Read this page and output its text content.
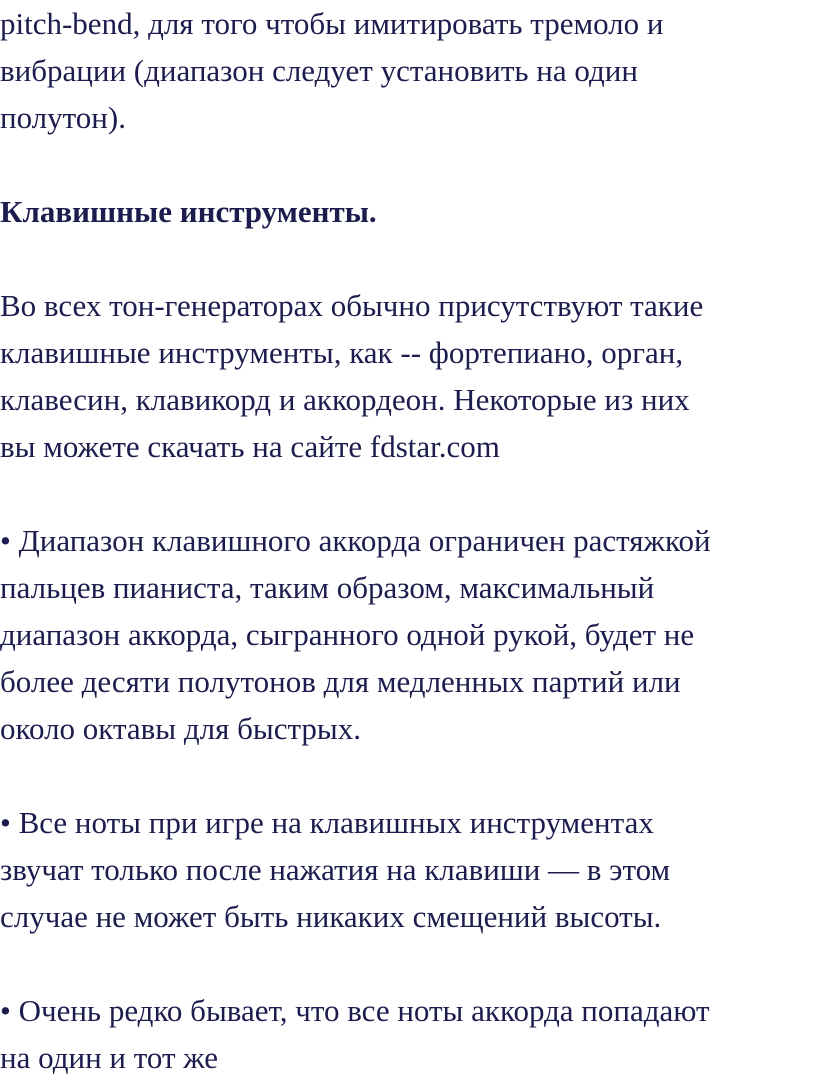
pitch-bend, для того чтобы имитировать тремоло и
вибрации (диапазон следует установить на один
полутон).

Клавишные инструменты.

Во всех тон-генераторах обычно присутствуют такие
клавишные инструменты, как -- фортепиано, орган,
клавесин, клавикорд и аккордеон. Некоторые из них
вы можете скачать на сайте fdstar.com

• Диапазон клавишного аккорда ограничен растяжкой
пальцев пианиста, таким образом, максимальный
диапазон аккорда, сыгранного одной рукой, будет не
более десяти полутонов для медленных партий или
около октавы для быстрых.

• Все ноты при игре на клавишных инструментах
звучат только после нажатия на клавиши — в этом
случае не может быть никаких смещений высоты.

• Очень редко бывает, что все ноты аккорда попадают
на один и тот же
